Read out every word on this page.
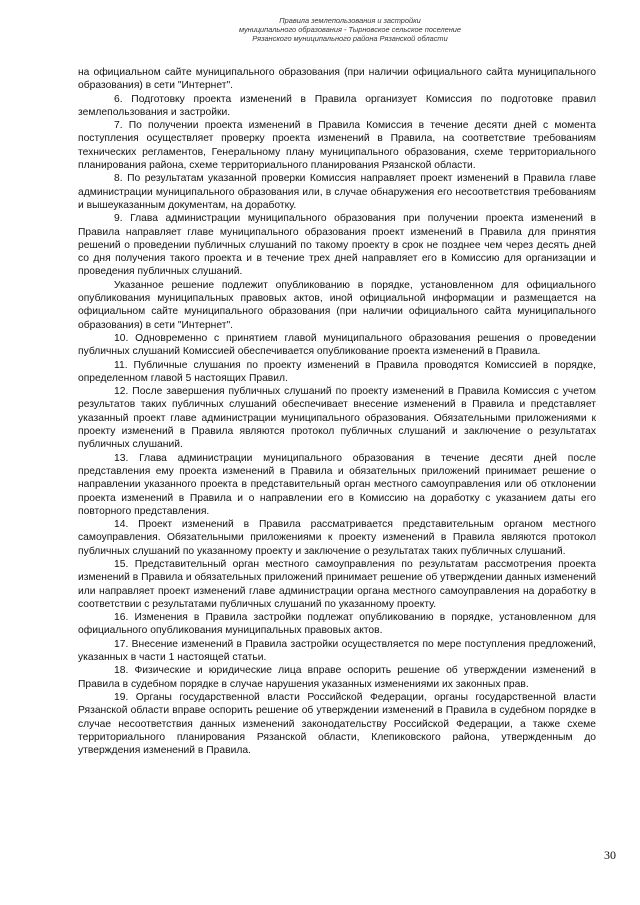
Правила землепользования и застройки
муниципального образования - Тырновское сельское поселение
Рязанского муниципального района Рязанской области

на официальном сайте муниципального образования (при наличии официального сайта муниципального образования) в сети "Интернет".

6. Подготовку проекта изменений в Правила организует Комиссия по подготовке правил землепользования и застройки.

7. По получении проекта изменений в Правила Комиссия в течение десяти дней с момента поступления осуществляет проверку проекта изменений в Правила, на соответствие требованиям технических регламентов, Генеральному плану муниципального образования, схеме территориального планирования района, схеме территориального планирования Рязанской области.

8. По результатам указанной проверки Комиссия направляет проект изменений в Правила главе администрации муниципального образования или, в случае обнаружения его несоответствия требованиям и вышеуказанным документам, на доработку.

9. Глава администрации муниципального образования при получении проекта изменений в Правила направляет главе муниципального образования проект изменений в Правила для принятия решений о проведении публичных слушаний по такому проекту в срок не позднее чем через десять дней со дня получения такого проекта и в течение трех дней направляет его в Комиссию для организации и проведения публичных слушаний.

Указанное решение подлежит опубликованию в порядке, установленном для официального опубликования муниципальных правовых актов, иной официальной информации и размещается на официальном сайте муниципального образования (при наличии официального сайта муниципального образования) в сети "Интернет".

10. Одновременно с принятием главой муниципального образования решения о проведении публичных слушаний Комиссией обеспечивается опубликование проекта изменений в Правила.

11. Публичные слушания по проекту изменений в Правила проводятся Комиссией в порядке, определенном главой 5 настоящих Правил.

12. После завершения публичных слушаний по проекту изменений в Правила Комиссия с учетом результатов таких публичных слушаний обеспечивает внесение изменений в Правила и представляет указанный проект главе администрации муниципального образования. Обязательными приложениями к проекту изменений в Правила являются протокол публичных слушаний и заключение о результатах публичных слушаний.

13. Глава администрации муниципального образования в течение десяти дней после представления ему проекта изменений в Правила и обязательных приложений принимает решение о направлении указанного проекта в представительный орган местного самоуправления или об отклонении проекта изменений в Правила и о направлении его в Комиссию на доработку с указанием даты его повторного представления.

14. Проект изменений в Правила рассматривается представительным органом местного самоуправления. Обязательными приложениями к проекту изменений в Правила являются протокол публичных слушаний по указанному проекту и заключение о результатах таких публичных слушаний.

15. Представительный орган местного самоуправления по результатам рассмотрения проекта изменений в Правила и обязательных приложений принимает решение об утверждении данных изменений или направляет проект изменений главе администрации органа местного самоуправления на доработку в соответствии с результатами публичных слушаний по указанному проекту.

16. Изменения в Правила застройки подлежат опубликованию в порядке, установленном для официального опубликования муниципальных правовых актов.

17. Внесение изменений в Правила застройки осуществляется по мере поступления предложений, указанных в части 1 настоящей статьи.

18. Физические и юридические лица вправе оспорить решение об утверждении изменений в Правила в судебном порядке в случае нарушения указанных изменениями их законных прав.

19. Органы государственной власти Российской Федерации, органы государственной власти Рязанской области вправе оспорить решение об утверждении изменений в Правила в судебном порядке в случае несоответствия данных изменений законодательству Российской Федерации, а также схеме территориального планирования Рязанской области, Клепиковского района, утвержденным до утверждения изменений в Правила.

30
